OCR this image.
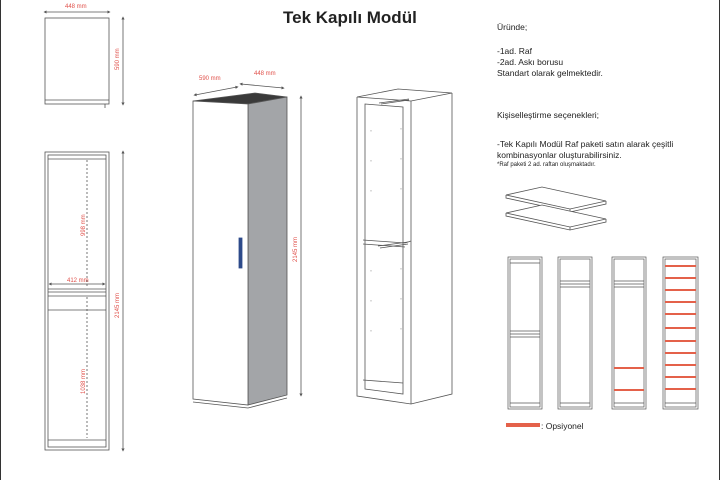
Tek Kapılı Modül	Üründe;
-1ad. Raf
-2ad. Askı borusu
Standart olarak gelmektedir.
Kişiselleştirme seçenekleri;
-Tek Kapılı Modül Raf paketi satın alarak çeşitli
kombinasyonlar oluşturabilirsiniz.
*Raf paketi 2 ad. raftan oluşmaktadır.
: Opsiyonel
448 mm
590 mm
998 mm
412 mm
2145 mm
1038 mm
590 mm
448 mm
2145 mm
